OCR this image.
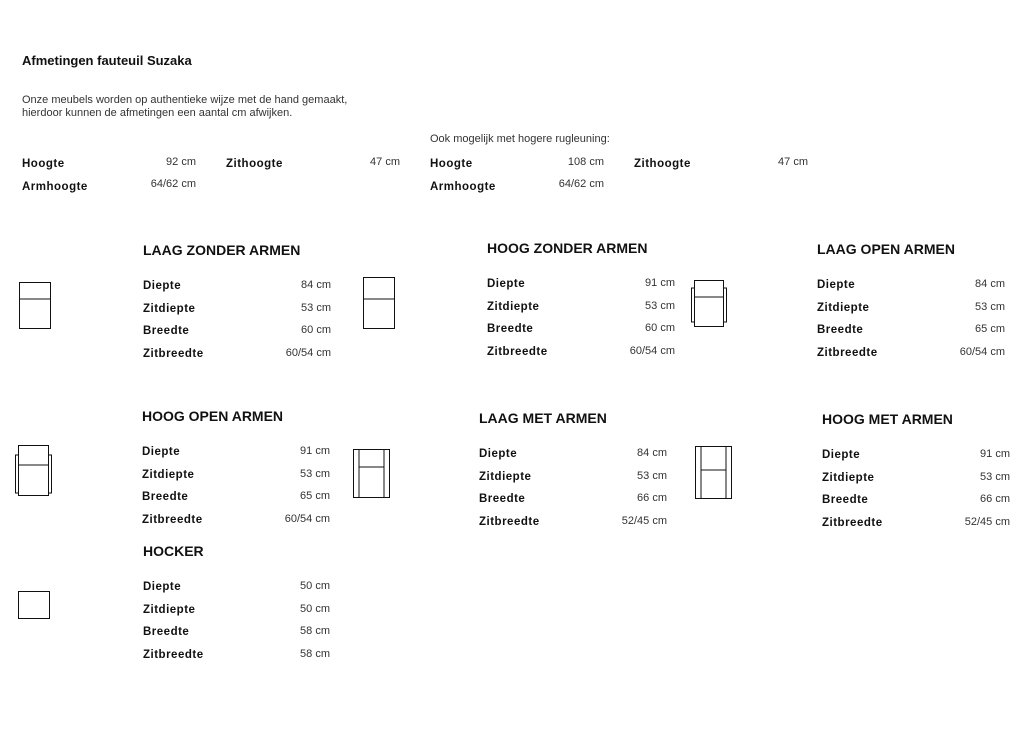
Afmetingen fauteuil Suzaka
Onze meubels worden op authentieke wijze met de hand gemaakt,
hierdoor kunnen de afmetingen een aantal cm afwijken.
Ook mogelijk met hogere rugleuning:
Hoogte	92 cm	Zithoogte	47 cm
Armhoogte	64/62 cm
Hoogte	108 cm	Zithoogte	47 cm
Armhoogte	64/62 cm
LAAG ZONDER ARMEN
Diepte	84 cm
Zitdiepte	53 cm
Breedte	60 cm
Zitbreedte	60/54 cm
HOOG ZONDER ARMEN
Diepte	91 cm
Zitdiepte	53 cm
Breedte	60 cm
Zitbreedte	60/54 cm
LAAG OPEN ARMEN
Diepte	84 cm
Zitdiepte	53 cm
Breedte	65 cm
Zitbreedte	60/54 cm
HOOG OPEN ARMEN
Diepte	91 cm
Zitdiepte	53 cm
Breedte	65 cm
Zitbreedte	60/54 cm
LAAG MET ARMEN
Diepte	84 cm
Zitdiepte	53 cm
Breedte	66 cm
Zitbreedte	52/45 cm
HOOG MET ARMEN
Diepte	91 cm
Zitdiepte	53 cm
Breedte	66 cm
Zitbreedte	52/45 cm
HOCKER
Diepte	50 cm
Zitdiepte	50 cm
Breedte	58 cm
Zitbreedte	58 cm
